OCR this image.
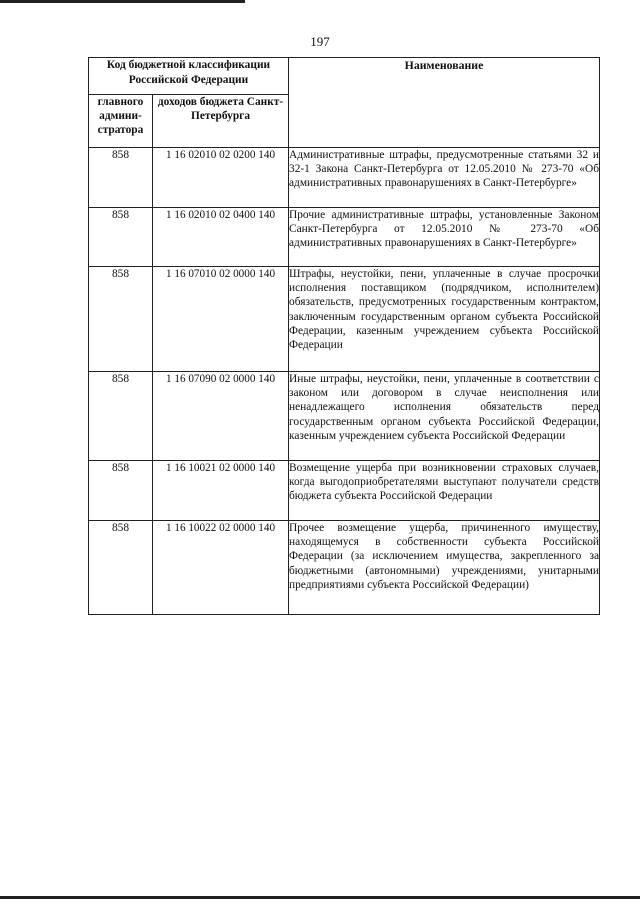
197
Код бюджетной классификации Российской Федерации		Наименование
главного админи-стратора	доходов бюджета Санкт-Петербурга	
858	1 16 02010 02 0200 140	Административные штрафы, предусмотренные статьями 32 и 32-1 Закона Санкт-Петербурга от 12.05.2010 № 273-70 «Об административных правонарушениях в Санкт-Петербурге»
858	1 16 02010 02 0400 140	Прочие административные штрафы, установленные Законом Санкт-Петербурга от 12.05.2010 № 273-70 «Об административных правонарушениях в Санкт-Петербурге»
858	1 16 07010 02 0000 140	Штрафы, неустойки, пени, уплаченные в случае просрочки исполнения поставщиком (подрядчиком, исполнителем) обязательств, предусмотренных государственным контрактом, заключенным государственным органом субъекта Российской Федерации, казенным учреждением субъекта Российской Федерации
858	1 16 07090 02 0000 140	Иные штрафы, неустойки, пени, уплаченные в соответствии с законом или договором в случае неисполнения или ненадлежащего исполнения обязательств перед государственным органом субъекта Российской Федерации, казенным учреждением субъекта Российской Федерации
858	1 16 10021 02 0000 140	Возмещение ущерба при возникновении страховых случаев, когда выгодоприобретателями выступают получатели средств бюджета субъекта Российской Федерации
858	1 16 10022 02 0000 140	Прочее возмещение ущерба, причиненного имуществу, находящемуся в собственности субъекта Российской Федерации (за исключением имущества, закрепленного за бюджетными (автономными) учреждениями, унитарными предприятиями субъекта Российской Федерации)
